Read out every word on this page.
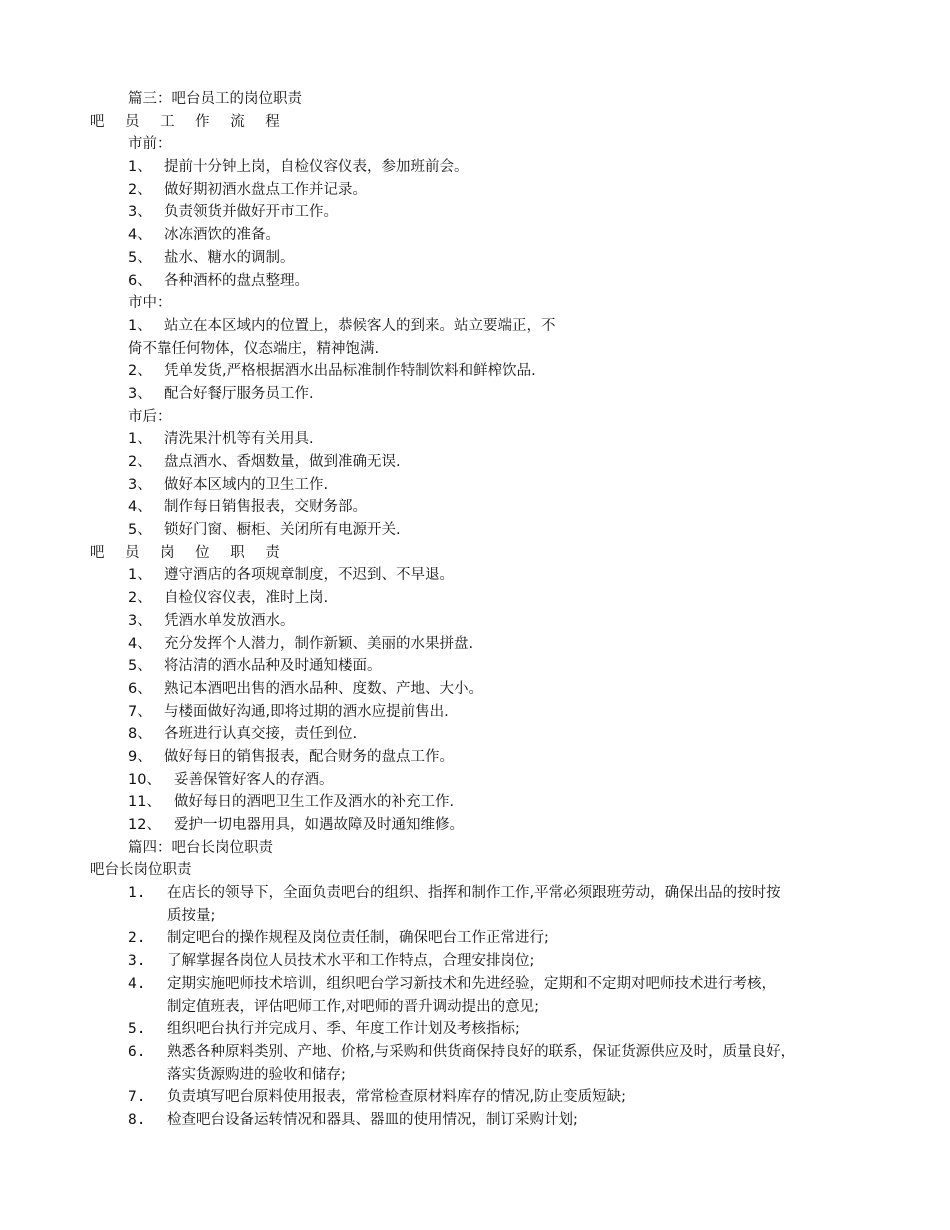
篇三：吧台员工的岗位职责
吧 员 工 作 流 程
市前：
1、 提前十分钟上岗，自检仪容仪表，参加班前会。
2、 做好期初酒水盘点工作并记录。
3、 负责领货并做好开市工作。
4、 冰冻酒饮的准备。
5、 盐水、糖水的调制。
6、 各种酒杯的盘点整理。
市中：
1、 站立在本区域内的位置上，恭候客人的到来。站立要端正，不
倚不靠任何物体，仪态端庄，精神饱满.
2、 凭单发货,严格根据酒水出品标准制作特制饮料和鲜榨饮品.
3、 配合好餐厅服务员工作.
市后：
1、 清洗果汁机等有关用具.
2、 盘点酒水、香烟数量，做到准确无误.
3、 做好本区域内的卫生工作.
4、 制作每日销售报表，交财务部。
5、 锁好门窗、橱柜、关闭所有电源开关.
吧 员 岗 位 职 责
1、 遵守酒店的各项规章制度，不迟到、不早退。
2、 自检仪容仪表，准时上岗.
3、 凭酒水单发放酒水。
4、 充分发挥个人潜力，制作新颖、美丽的水果拼盘.
5、 将沽清的酒水品种及时通知楼面。
6、 熟记本酒吧出售的酒水品种、度数、产地、大小。
7、 与楼面做好沟通,即将过期的酒水应提前售出.
8、 各班进行认真交接，责任到位.
9、 做好每日的销售报表，配合财务的盘点工作。
10、 妥善保管好客人的存酒。
11、 做好每日的酒吧卫生工作及酒水的补充工作.
12、 爱护一切电器用具，如遇故障及时通知维修。
篇四：吧台长岗位职责
吧台长岗位职责
1. 在店长的领导下，全面负责吧台的组织、指挥和制作工作,平常必须跟班劳动，确保出品的按时按
质按量;
2. 制定吧台的操作规程及岗位责任制，确保吧台工作正常进行;
3. 了解掌握各岗位人员技术水平和工作特点，合理安排岗位;
4. 定期实施吧师技术培训，组织吧台学习新技术和先进经验，定期和不定期对吧师技术进行考核，
制定值班表，评估吧师工作,对吧师的晋升调动提出的意见;
5. 组织吧台执行并完成月、季、年度工作计划及考核指标;
6. 熟悉各种原料类别、产地、价格,与采购和供货商保持良好的联系，保证货源供应及时，质量良好，
落实货源购进的验收和储存;
7. 负责填写吧台原料使用报表，常常检查原材料库存的情况,防止变质短缺;
8. 检查吧台设备运转情况和器具、器皿的使用情况，制订采购计划;
